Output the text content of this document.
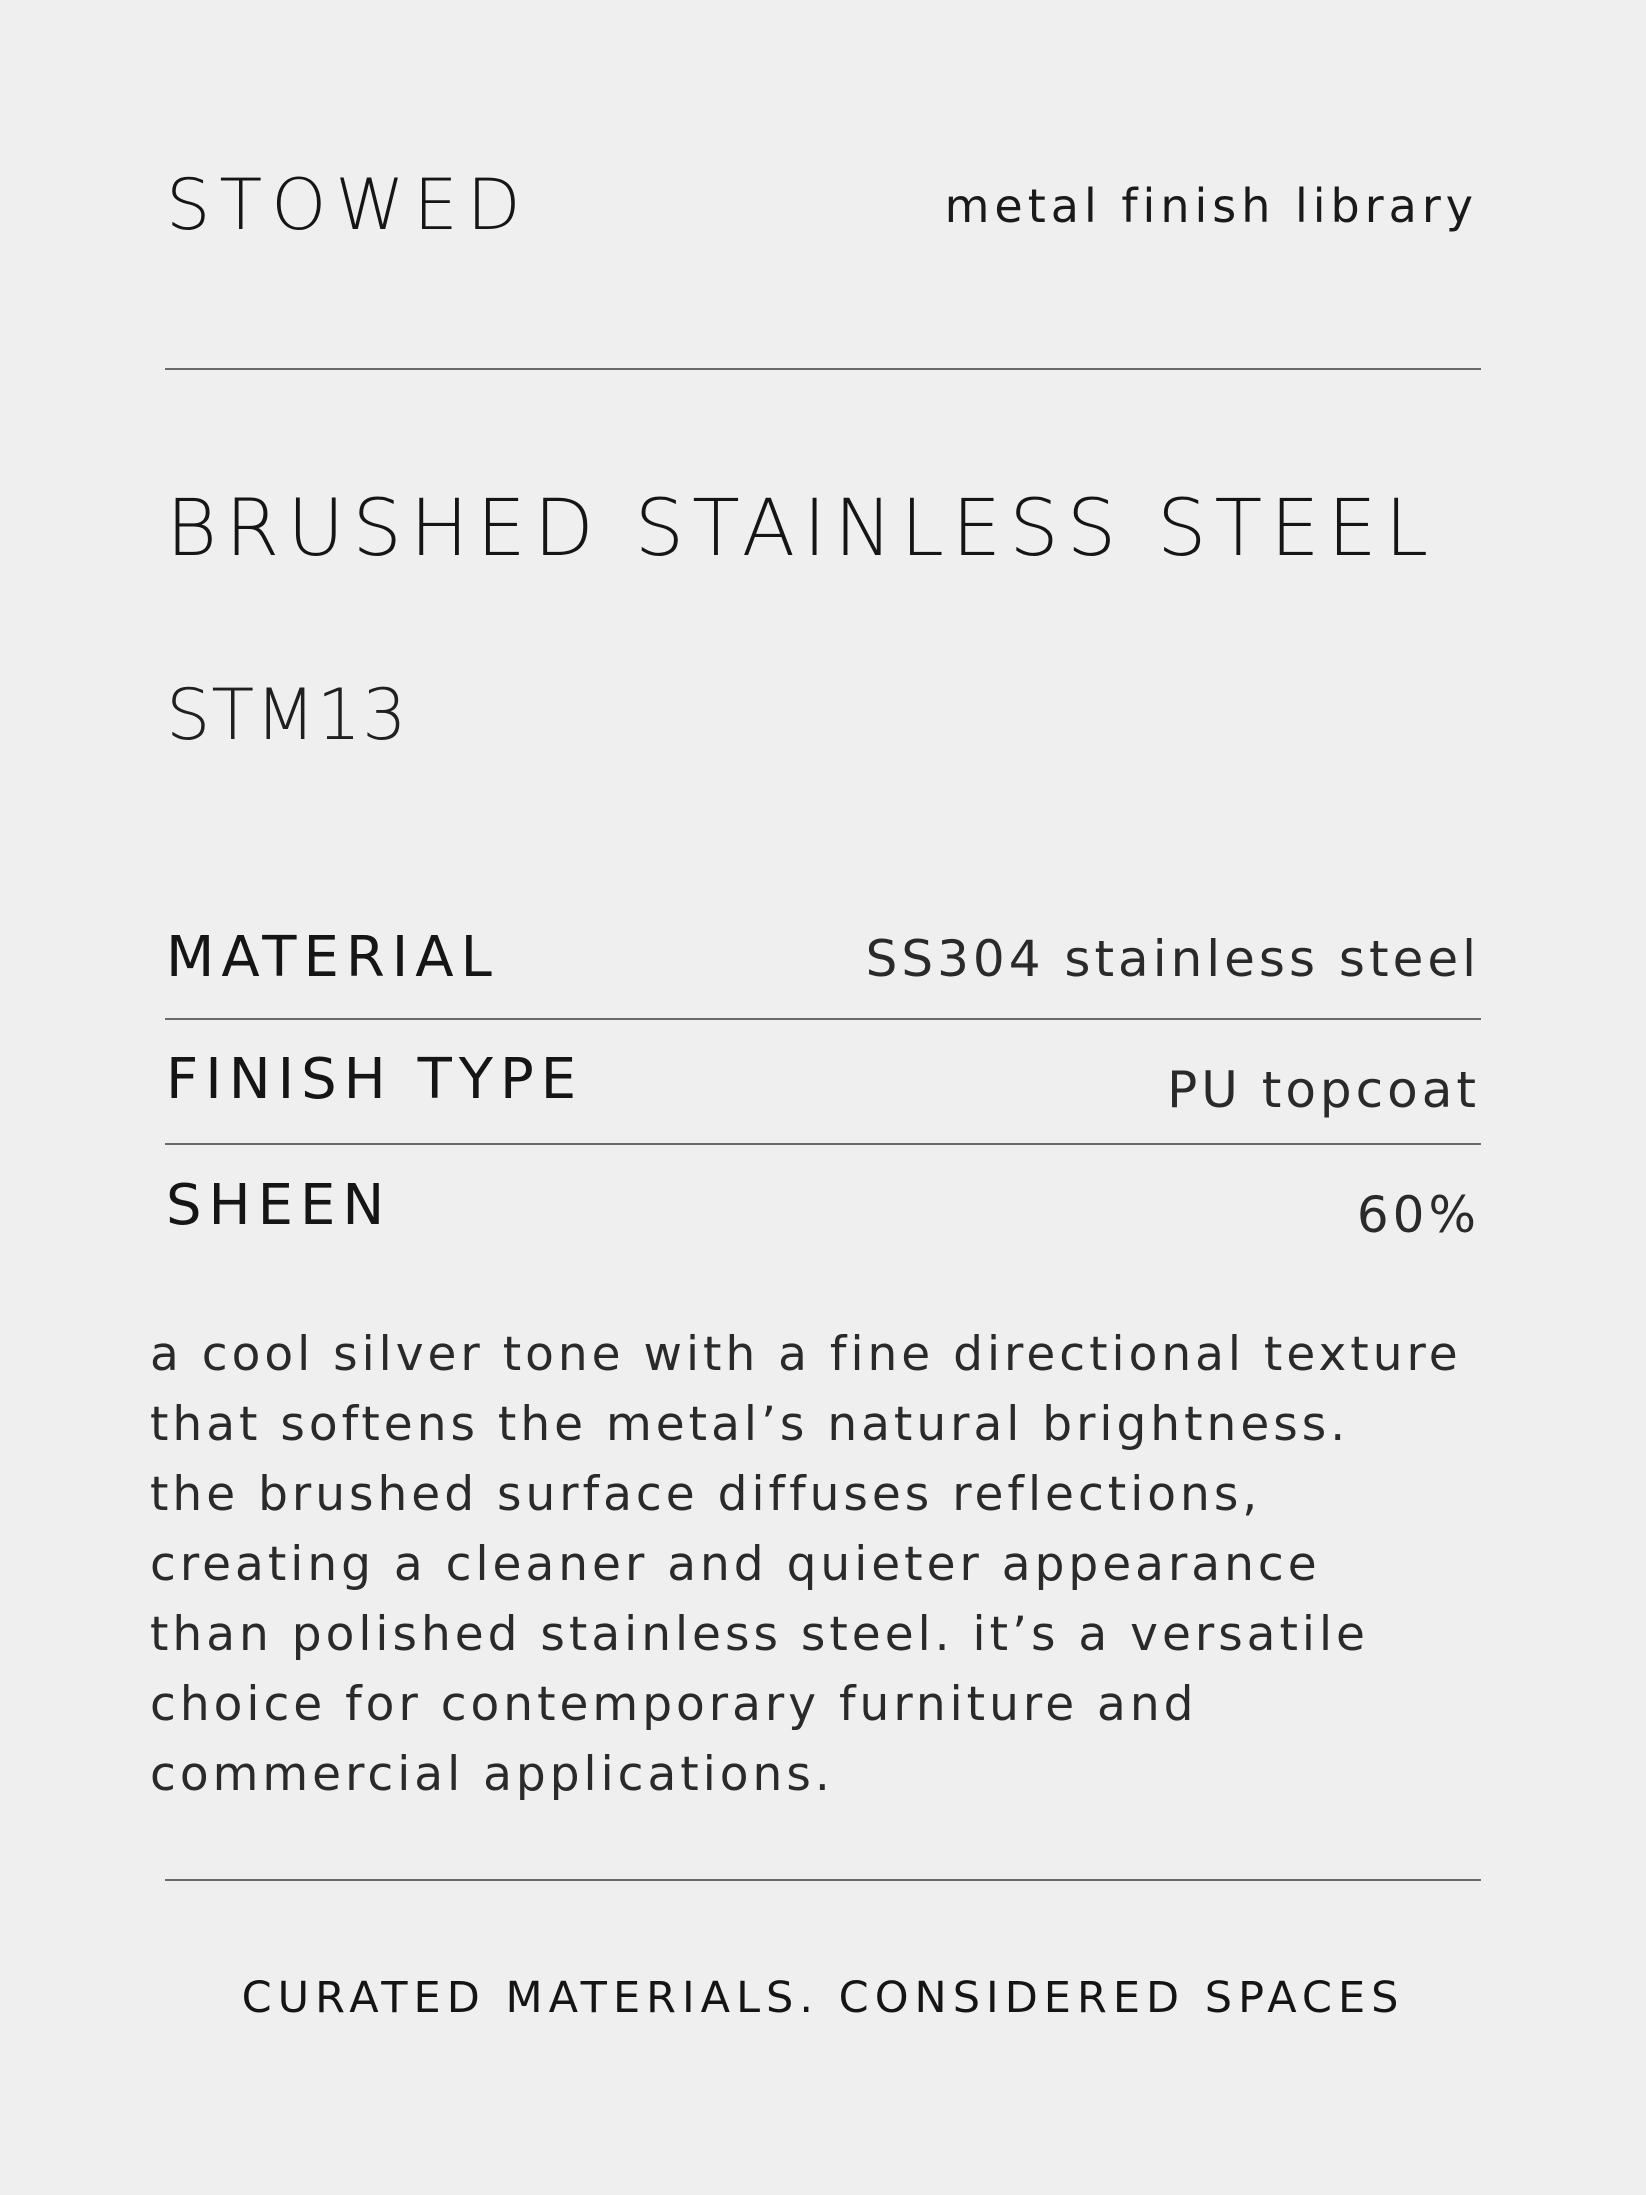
STOWED	metal finish library
BRUSHED STAINLESS STEEL
STM13
MATERIAL	SS304 stainless steel
FINISH TYPE	PU topcoat
SHEEN	60%

a cool silver tone with a fine directional texture
that softens the metal’s natural brightness.
the brushed surface diffuses reflections,
creating a cleaner and quieter appearance
than polished stainless steel. it’s a versatile
choice for contemporary furniture and
commercial applications.

CURATED MATERIALS. CONSIDERED SPACES
